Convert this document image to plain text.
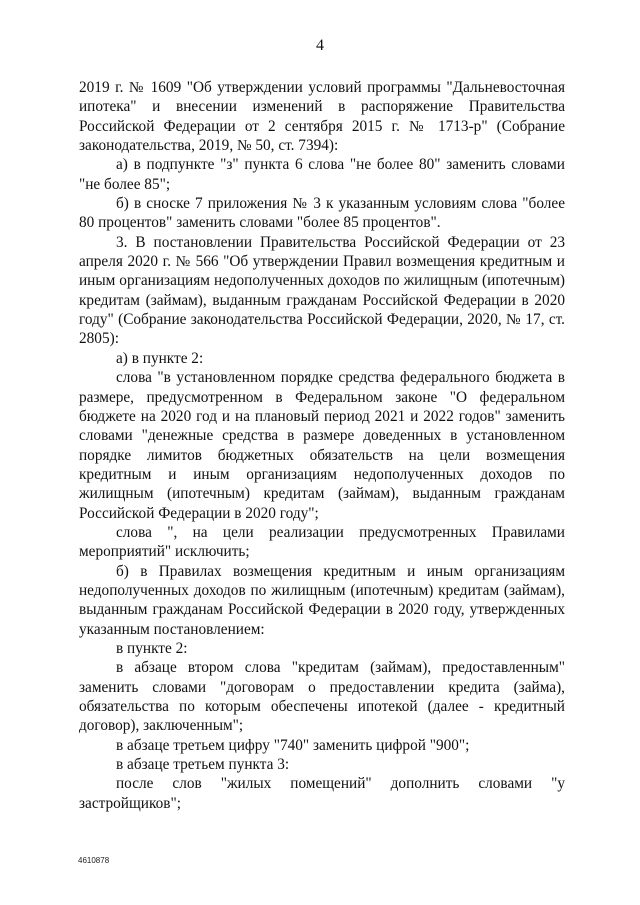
4

2019 г. № 1609 "Об утверждении условий программы "Дальневосточная ипотека" и внесении изменений в распоряжение Правительства Российской Федерации от 2 сентября 2015 г. № 1713-р" (Собрание законодательства, 2019, № 50, ст. 7394):

а) в подпункте "з" пункта 6 слова "не более 80" заменить словами "не более 85";

б) в сноске 7 приложения № 3 к указанным условиям слова "более 80 процентов" заменить словами "более 85 процентов".

3. В постановлении Правительства Российской Федерации от 23 апреля 2020 г. № 566 "Об утверждении Правил возмещения кредитным и иным организациям недополученных доходов по жилищным (ипотечным) кредитам (займам), выданным гражданам Российской Федерации в 2020 году" (Собрание законодательства Российской Федерации, 2020, № 17, ст. 2805):

а) в пункте 2:

слова "в установленном порядке средства федерального бюджета в размере, предусмотренном в Федеральном законе "О федеральном бюджете на 2020 год и на плановый период 2021 и 2022 годов" заменить словами "денежные средства в размере доведенных в установленном порядке лимитов бюджетных обязательств на цели возмещения кредитным и иным организациям недополученных доходов по жилищным (ипотечным) кредитам (займам), выданным гражданам Российской Федерации в 2020 году";

слова ", на цели реализации предусмотренных Правилами мероприятий" исключить;

б) в Правилах возмещения кредитным и иным организациям недополученных доходов по жилищным (ипотечным) кредитам (займам), выданным гражданам Российской Федерации в 2020 году, утвержденных указанным постановлением:

в пункте 2:

в абзаце втором слова "кредитам (займам), предоставленным" заменить словами "договорам о предоставлении кредита (займа), обязательства по которым обеспечены ипотекой (далее - кредитный договор), заключенным";

в абзаце третьем цифру "740" заменить цифрой "900";

в абзаце третьем пункта 3:

после слов "жилых помещений" дополнить словами "у застройщиков";

4610878
